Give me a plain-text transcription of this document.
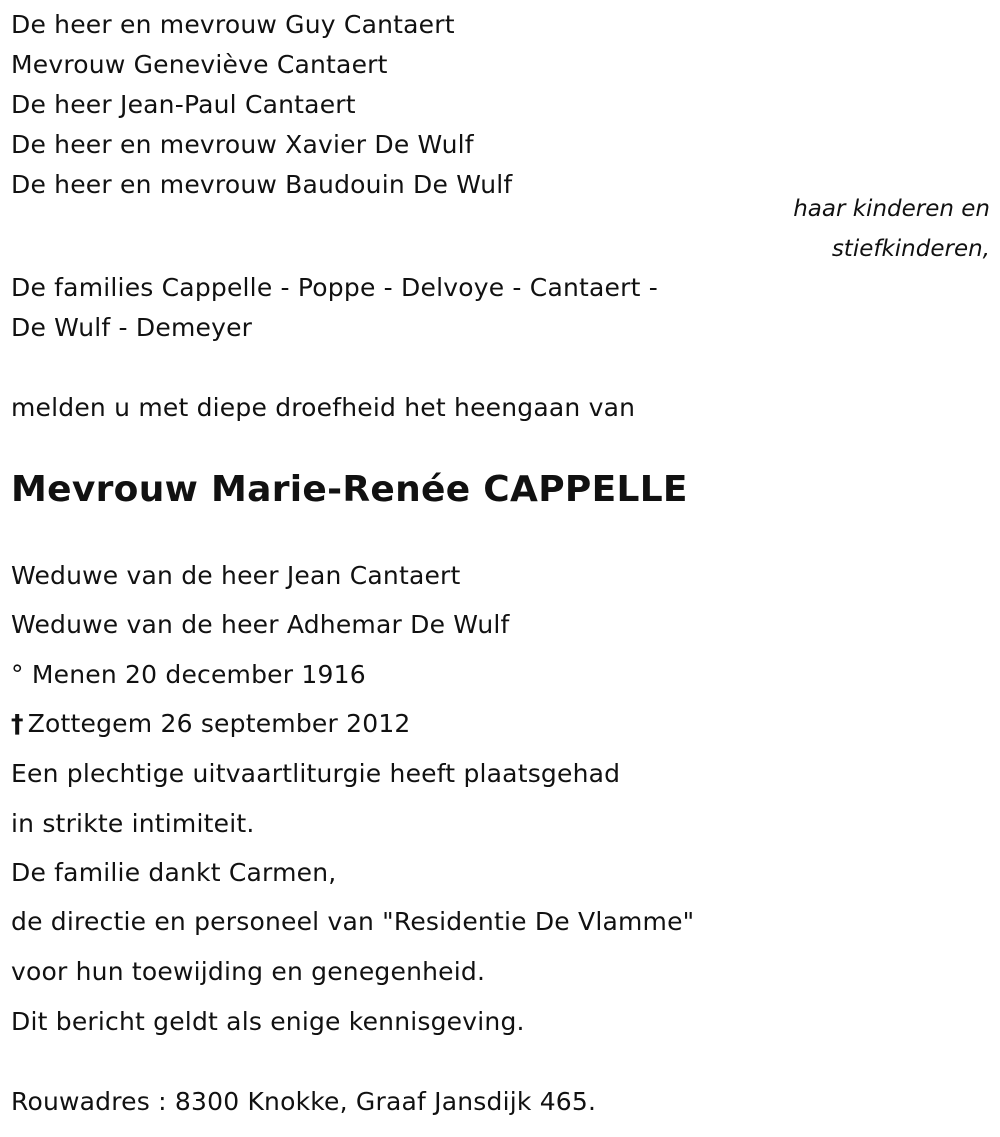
De heer en mevrouw Guy Cantaert
Mevrouw Geneviève Cantaert
De heer Jean-Paul Cantaert
De heer en mevrouw Xavier De Wulf
De heer en mevrouw Baudouin De Wulf
haar kinderen en
stiefkinderen,
De families Cappelle - Poppe - Delvoye - Cantaert -
De Wulf - Demeyer
melden u met diepe droefheid het heengaan van
Mevrouw Marie-Renée CAPPELLE
Weduwe van de heer Jean Cantaert
Weduwe van de heer Adhemar De Wulf
° Menen 20 december 1916
† Zottegem 26 september 2012
Een plechtige uitvaartliturgie heeft plaatsgehad
in strikte intimiteit.
De familie dankt Carmen,
de directie en personeel van "Residentie De Vlamme"
voor hun toewijding en genegenheid.
Dit bericht geldt als enige kennisgeving.
Rouwadres : 8300 Knokke, Graaf Jansdijk 465.
